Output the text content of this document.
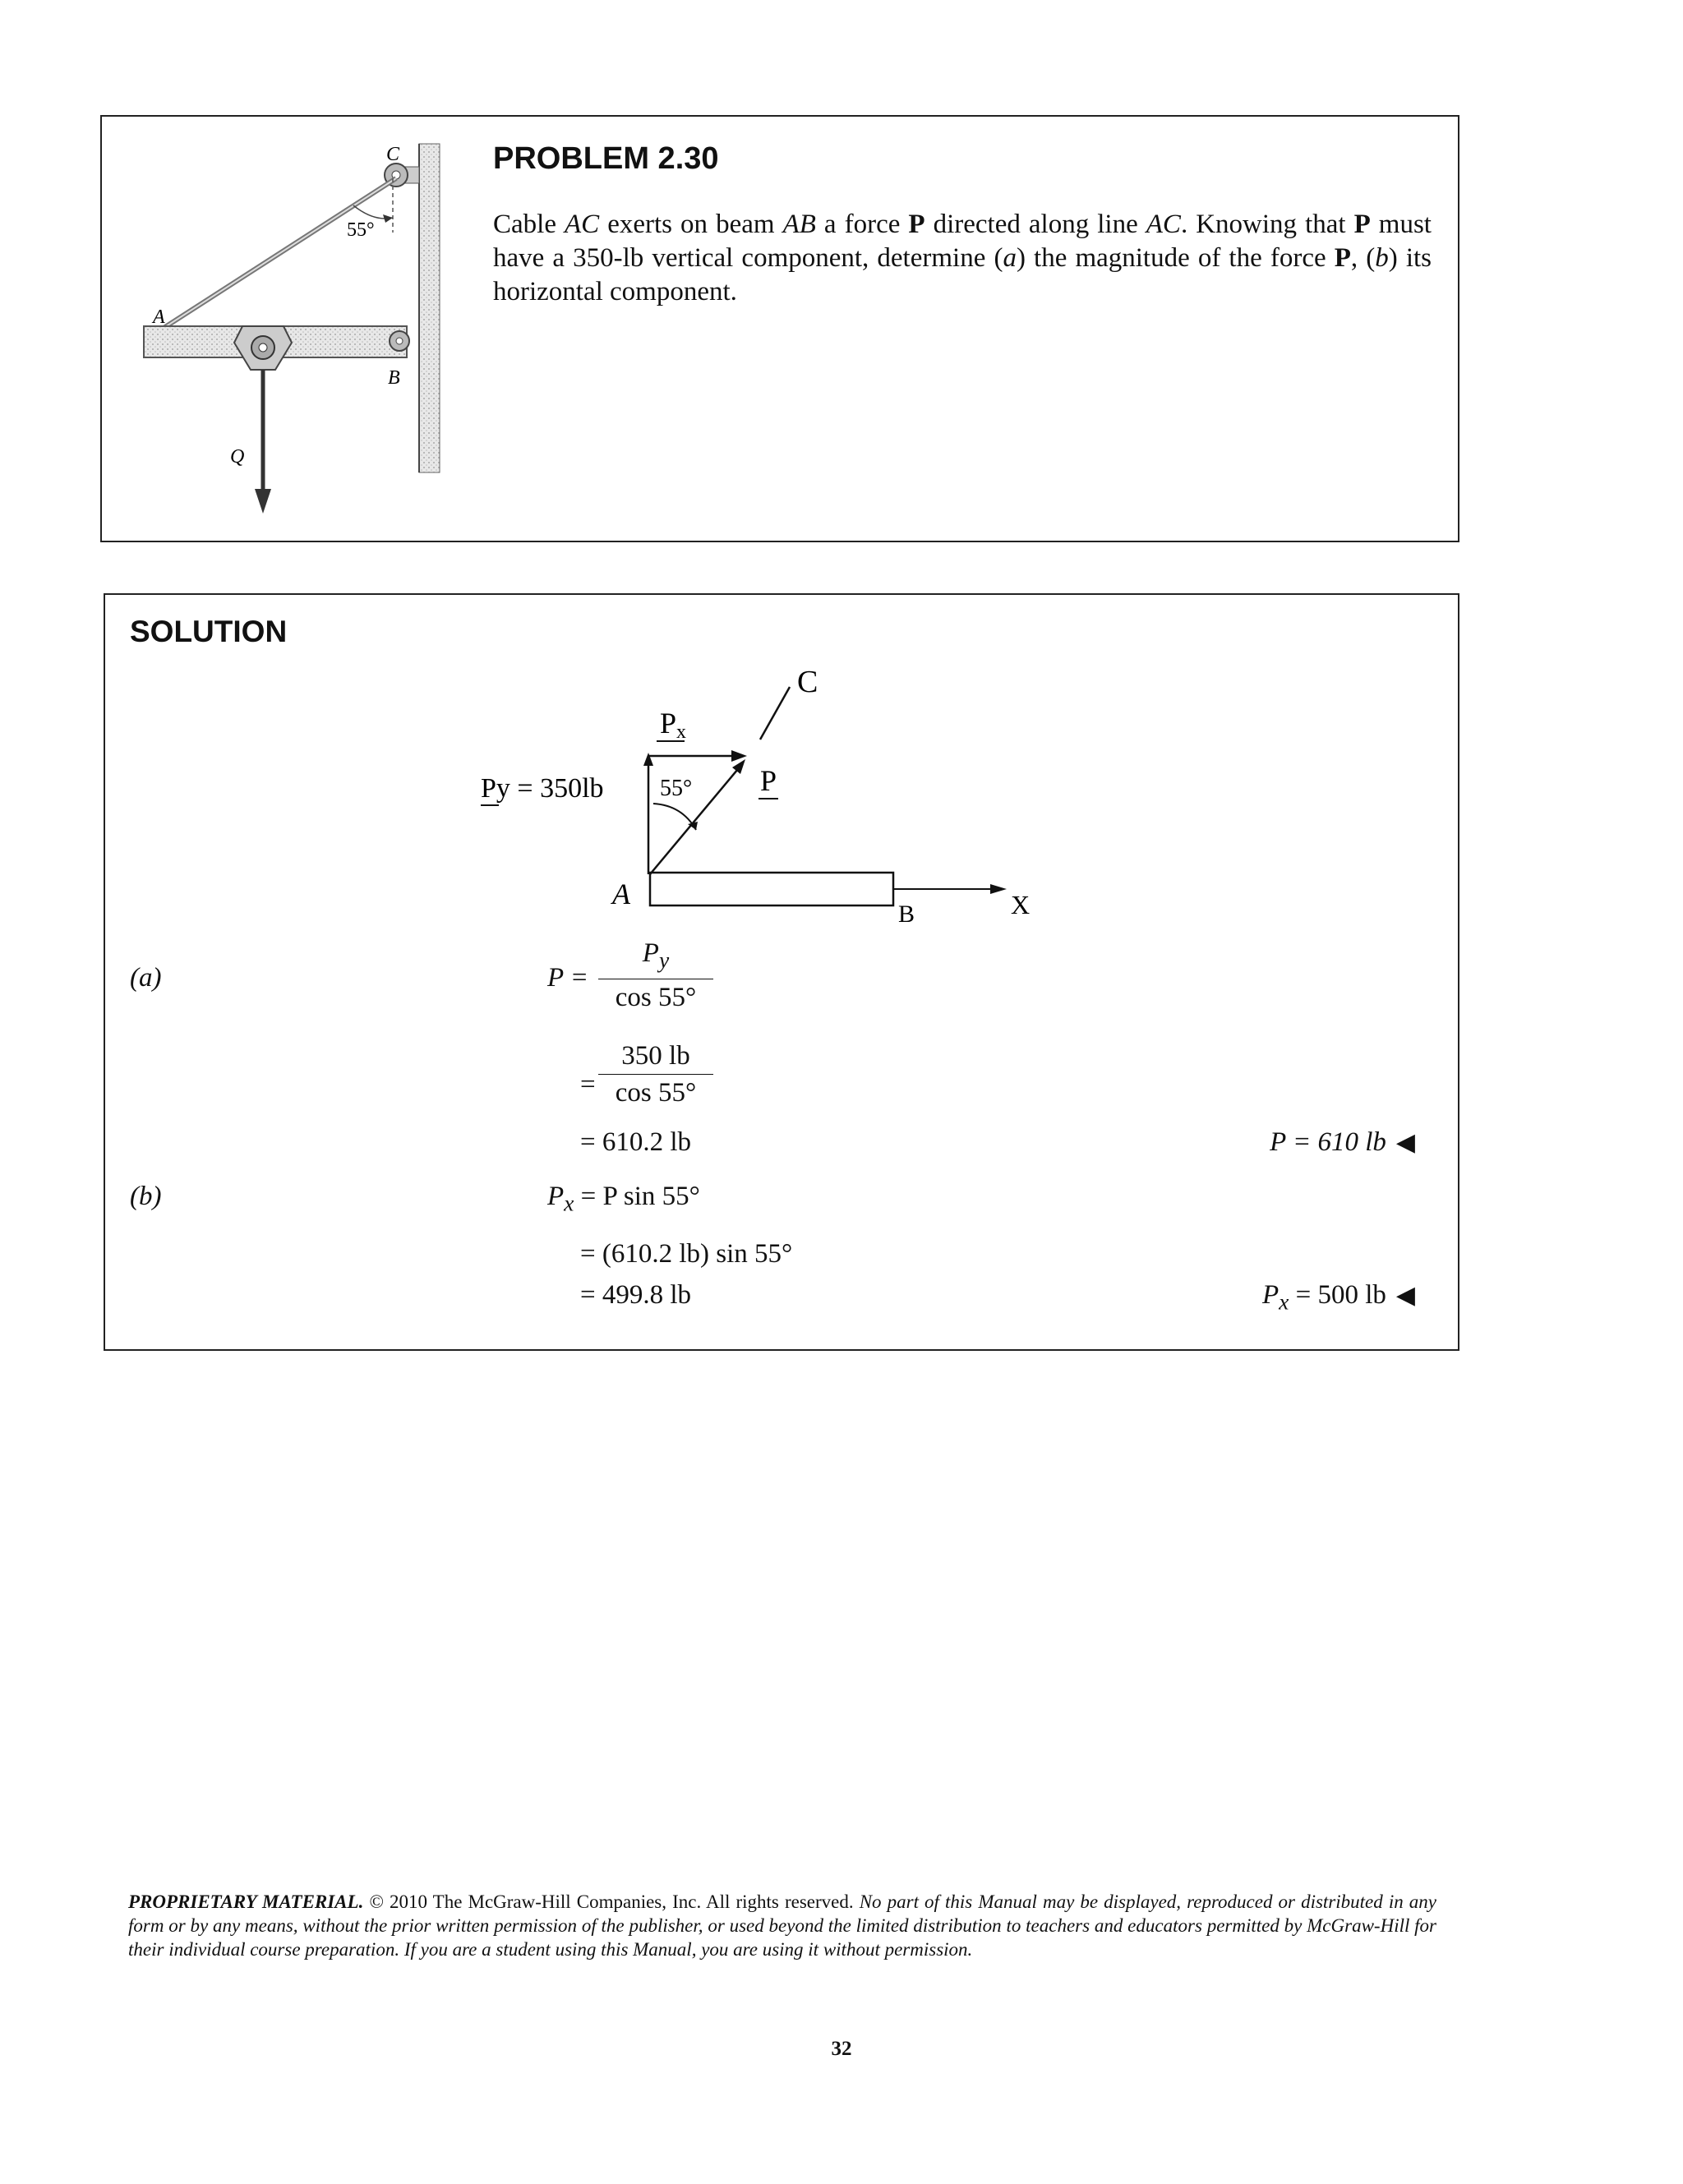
C
A
B
Q
55°
PROBLEM 2.30
Cable AC exerts on beam AB a force P directed along line AC. Knowing that P must have a 350-lb vertical component, determine (a) the magnitude of the force P, (b) its horizontal component.
SOLUTION
Px
Py = 350lb 55° P
C
X
A
B
(a)	P =
$P_y$
cos 55°
=
350 lb
cos 55°
= 610.2 lb	P = 610 lb ◀
(b)	$P_x = P$ sin 55°
= (610.2 lb) sin 55°
= 499.8 lb	$P_x = 500$ lb ◀
PROPRIETARY MATERIAL. © 2010 The McGraw-Hill Companies, Inc. All rights reserved. No part of this Manual may be displayed, reproduced or distributed in any form or by any means, without the prior written permission of the publisher, or used beyond the limited distribution to teachers and educators permitted by McGraw-Hill for their individual course preparation. If you are a student using this Manual, you are using it without permission.
32
